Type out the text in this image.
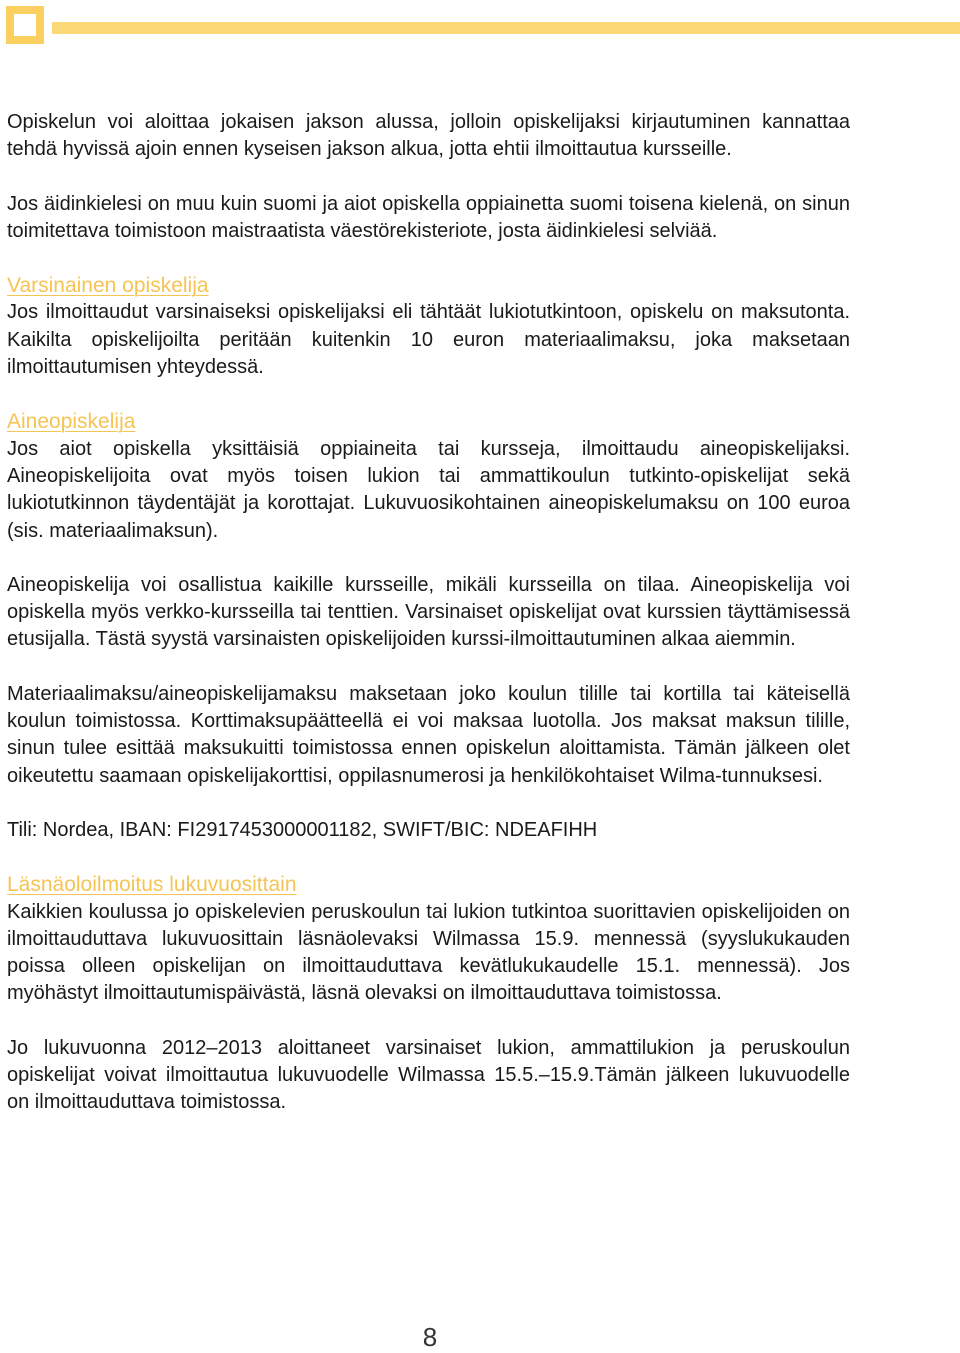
Opiskelun voi aloittaa jokaisen jakson alussa, jolloin opiskelijaksi kirjautuminen kannattaa tehdä hyvissä ajoin ennen kyseisen jakson alkua, jotta ehtii ilmoittautua kursseille.

Jos äidinkielesi on muu kuin suomi ja aiot opiskella oppiainetta suomi toisena kielenä, on sinun toimitettava toimistoon maistraatista väestörekisteriote, josta äidinkielesi selviää.

Varsinainen opiskelija

Jos ilmoittaudut varsinaiseksi opiskelijaksi eli tähtäät lukiotutkintoon, opiskelu on maksutonta. Kaikilta opiskelijoilta peritään kuitenkin 10 euron materiaalimaksu, joka maksetaan ilmoittautumisen yhteydessä.

Aineopiskelija

Jos aiot opiskella yksittäisiä oppiaineita tai kursseja, ilmoittaudu aineopiskelijaksi. Aineopiskelijoita ovat myös toisen lukion tai ammattikoulun tutkinto-opiskelijat sekä lukiotutkinnon täydentäjät ja korottajat. Lukuvuosikohtainen aineopiskelumaksu on 100 euroa (sis. materiaalimaksun).

Aineopiskelija voi osallistua kaikille kursseille, mikäli kursseilla on tilaa. Aineopiskelija voi opiskella myös verkko-kursseilla tai tenttien. Varsinaiset opiskelijat ovat kurssien täyttämisessä etusijalla. Tästä syystä varsinaisten opiskelijoiden kurssi-ilmoittautuminen alkaa aiemmin.

Materiaalimaksu/aineopiskelijamaksu maksetaan joko koulun tilille tai kortilla tai käteisellä koulun toimistossa. Korttimaksupäätteellä ei voi maksaa luotolla. Jos maksat maksun tilille, sinun tulee esittää maksukuitti toimistossa ennen opiskelun aloittamista. Tämän jälkeen olet oikeutettu saamaan opiskelijakorttisi, oppilasnumerosi ja henkilökohtaiset Wilma-tunnuksesi.

Tili: Nordea, IBAN: FI2917453000001182, SWIFT/BIC: NDEAFIHH

Läsnäoloilmoitus lukuvuosittain

Kaikkien koulussa jo opiskelevien peruskoulun tai lukion tutkintoa suorittavien opiskelijoiden on ilmoittauduttava lukuvuosittain läsnäolevaksi Wilmassa 15.9. mennessä (syyslukukauden poissa olleen opiskelijan on ilmoittauduttava kevätlukukaudelle 15.1. mennessä). Jos myöhästyt ilmoittautumispäivästä, läsnä olevaksi on ilmoittauduttava toimistossa.

Jo lukuvuonna 2012–2013 aloittaneet varsinaiset lukion, ammattilukion ja peruskoulun opiskelijat voivat ilmoittautua lukuvuodelle Wilmassa 15.5.–15.9.Tämän jälkeen lukuvuodelle on ilmoittauduttava toimistossa.

8
